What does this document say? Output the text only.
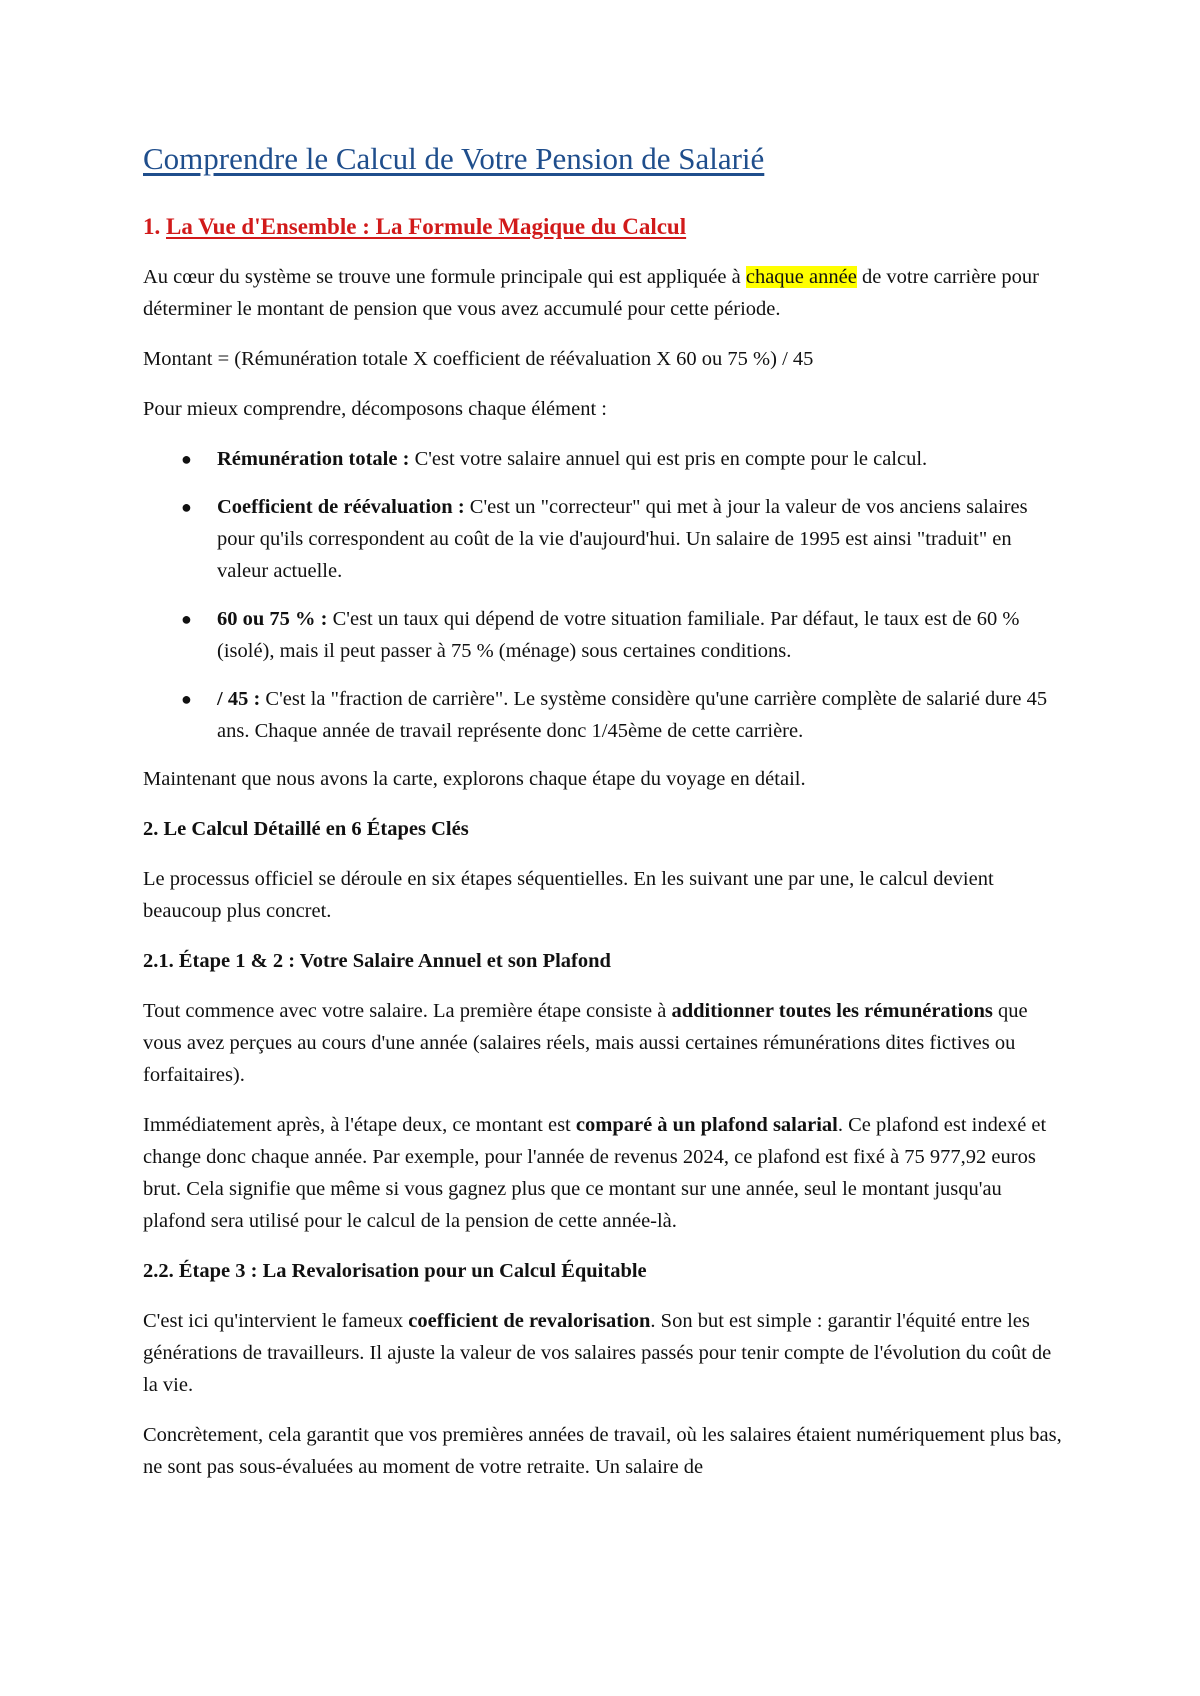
Comprendre le Calcul de Votre Pension de Salarié
1. La Vue d'Ensemble : La Formule Magique du Calcul

Au cœur du système se trouve une formule principale qui est appliquée à chaque année de votre carrière pour déterminer le montant de pension que vous avez accumulé pour cette période.

Montant = (Rémunération totale X coefficient de réévaluation X 60 ou 75 %) / 45

Pour mieux comprendre, décomposons chaque élément :

● Rémunération totale : C'est votre salaire annuel qui est pris en compte pour le calcul.
● Coefficient de réévaluation : C'est un "correcteur" qui met à jour la valeur de vos anciens salaires pour qu'ils correspondent au coût de la vie d'aujourd'hui. Un salaire de 1995 est ainsi "traduit" en valeur actuelle.
● 60 ou 75 % : C'est un taux qui dépend de votre situation familiale. Par défaut, le taux est de 60 % (isolé), mais il peut passer à 75 % (ménage) sous certaines conditions.
● / 45 : C'est la "fraction de carrière". Le système considère qu'une carrière complète de salarié dure 45 ans. Chaque année de travail représente donc 1/45ème de cette carrière.

Maintenant que nous avons la carte, explorons chaque étape du voyage en détail.

2. Le Calcul Détaillé en 6 Étapes Clés

Le processus officiel se déroule en six étapes séquentielles. En les suivant une par une, le calcul devient beaucoup plus concret.

2.1. Étape 1 & 2 : Votre Salaire Annuel et son Plafond

Tout commence avec votre salaire. La première étape consiste à additionner toutes les rémunérations que vous avez perçues au cours d'une année (salaires réels, mais aussi certaines rémunérations dites fictives ou forfaitaires).

Immédiatement après, à l'étape deux, ce montant est comparé à un plafond salarial. Ce plafond est indexé et change donc chaque année. Par exemple, pour l'année de revenus 2024, ce plafond est fixé à 75 977,92 euros brut. Cela signifie que même si vous gagnez plus que ce montant sur une année, seul le montant jusqu'au plafond sera utilisé pour le calcul de la pension de cette année-là.

2.2. Étape 3 : La Revalorisation pour un Calcul Équitable

C'est ici qu'intervient le fameux coefficient de revalorisation. Son but est simple : garantir l'équité entre les générations de travailleurs. Il ajuste la valeur de vos salaires passés pour tenir compte de l'évolution du coût de la vie.

Concrètement, cela garantit que vos premières années de travail, où les salaires étaient numériquement plus bas, ne sont pas sous-évaluées au moment de votre retraite. Un salaire de
